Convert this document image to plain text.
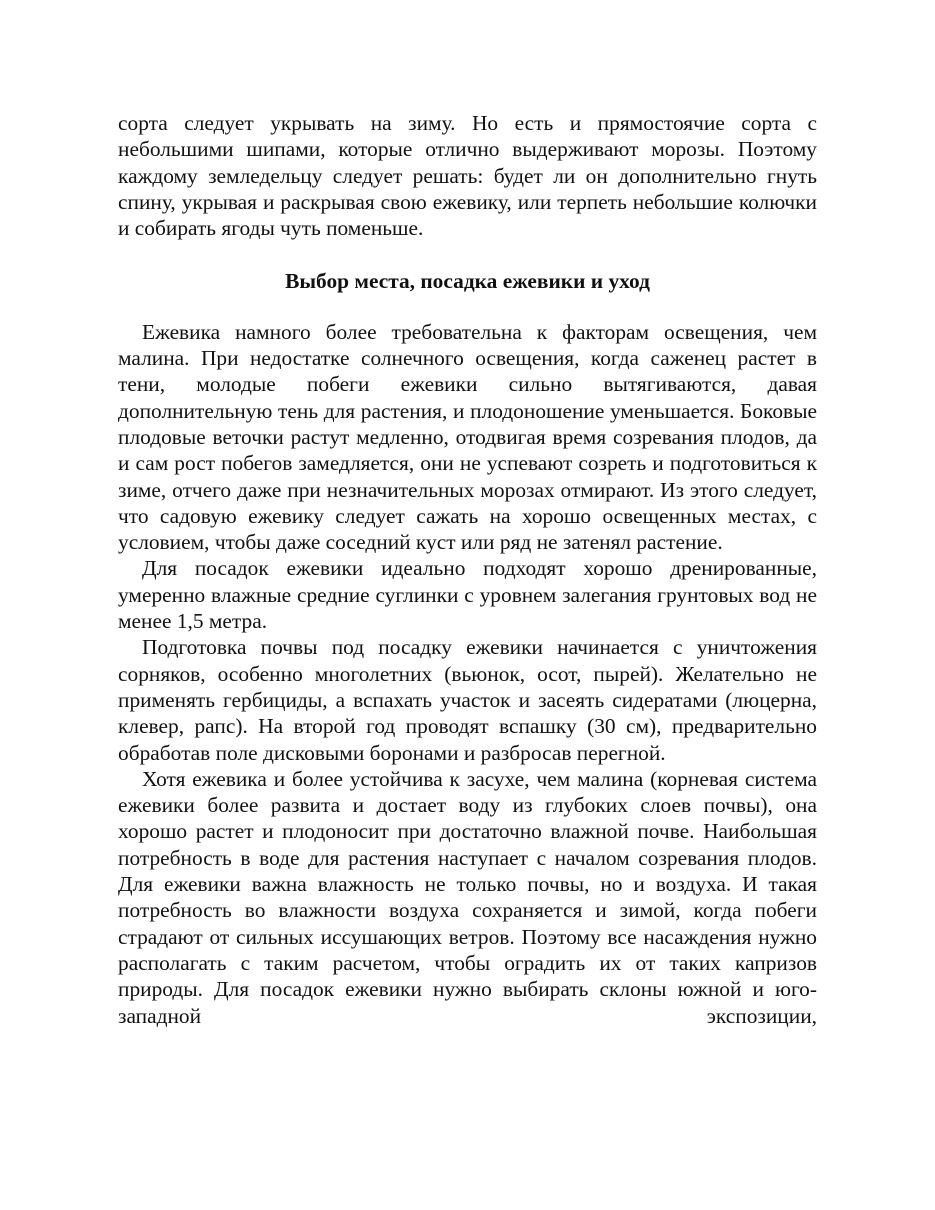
сорта следует укрывать на зиму. Но есть и прямостоячие сорта с небольшими шипами, которые отлично выдерживают морозы. Поэтому каждому земледельцу следует решать: будет ли он дополнительно гнуть спину, укрывая и раскрывая свою ежевику, или терпеть небольшие колючки и собирать ягоды чуть поменьше.

Выбор места, посадка ежевики и уход

Ежевика намного более требовательна к факторам освещения, чем малина. При недостатке солнечного освещения, когда саженец растет в тени, молодые побеги ежевики сильно вытягиваются, давая дополнительную тень для растения, и плодоношение уменьшается. Боковые плодовые веточки растут медленно, отодвигая время созревания плодов, да и сам рост побегов замедляется, они не успевают созреть и подготовиться к зиме, отчего даже при незначительных морозах отмирают. Из этого следует, что садовую ежевику следует сажать на хорошо освещенных местах, с условием, чтобы даже соседний куст или ряд не затенял растение.

Для посадок ежевики идеально подходят хорошо дренированные, умеренно влажные средние суглинки с уровнем залегания грунтовых вод не менее 1,5 метра.

Подготовка почвы под посадку ежевики начинается с уничтожения сорняков, особенно многолетних (вьюнок, осот, пырей). Желательно не применять гербициды, а вспахать участок и засеять сидератами (люцерна, клевер, рапс). На второй год проводят вспашку (30 см), предварительно обработав поле дисковыми боронами и разбросав перегной.

Хотя ежевика и более устойчива к засухе, чем малина (корневая система ежевики более развита и достает воду из глубоких слоев почвы), она хорошо растет и плодоносит при достаточно влажной почве. Наибольшая потребность в воде для растения наступает с началом созревания плодов. Для ежевики важна влажность не только почвы, но и воздуха. И такая потребность во влажности воздуха сохраняется и зимой, когда побеги страдают от сильных иссушающих ветров. Поэтому все насаждения нужно располагать с таким расчетом, чтобы оградить их от таких капризов природы. Для посадок ежевики нужно выбирать склоны южной и юго-западной экспозиции,
